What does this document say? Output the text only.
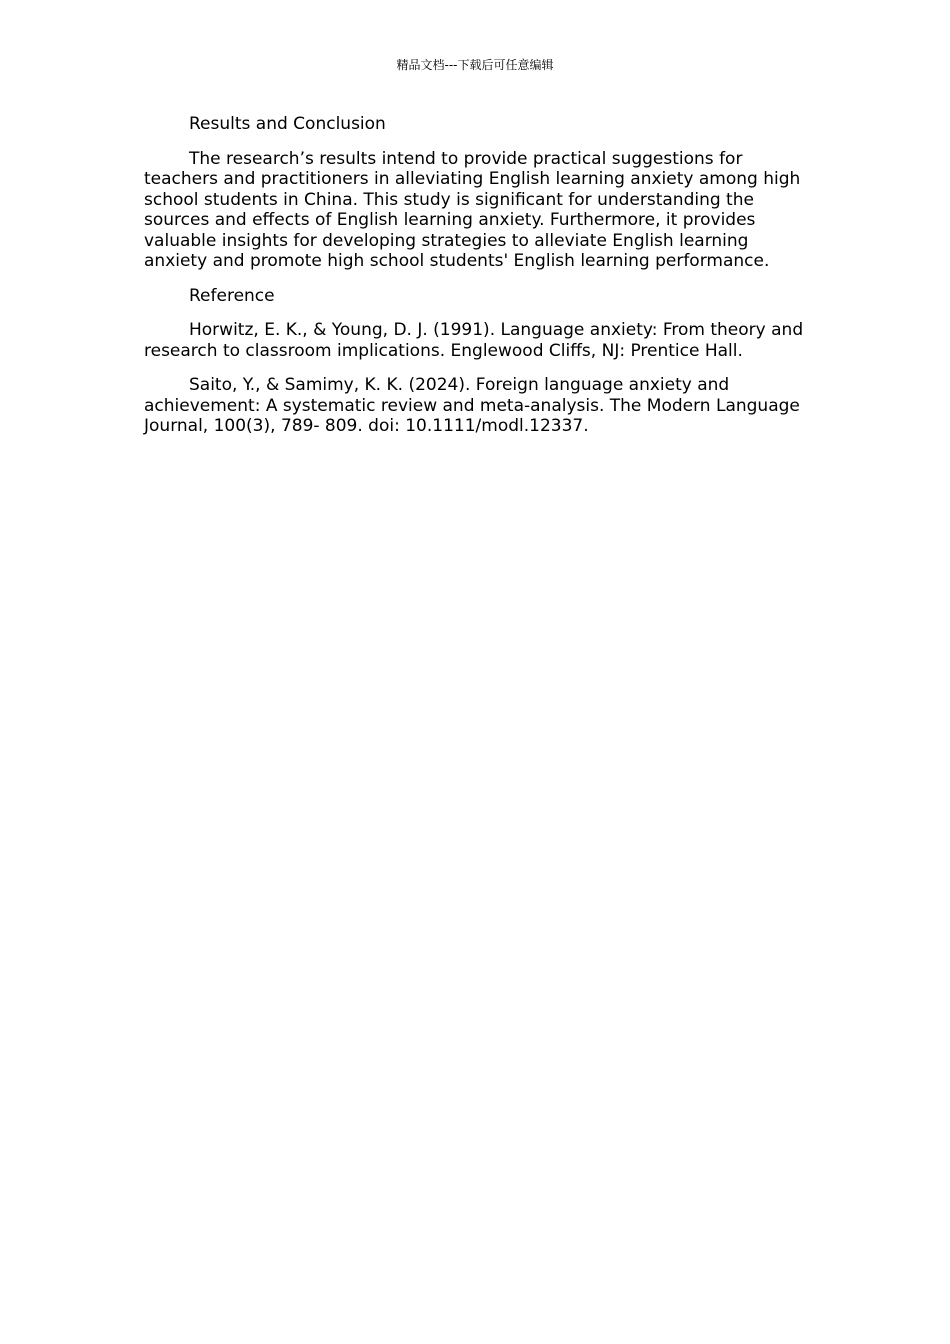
精品文档---下载后可任意编辑

Results and Conclusion

The research’s results intend to provide practical suggestions for teachers and practitioners in alleviating English learning anxiety among high school students in China. This study is significant for understanding the sources and effects of English learning anxiety. Furthermore, it provides valuable insights for developing strategies to alleviate English learning anxiety and promote high school students' English learning performance.

Reference

Horwitz, E. K., & Young, D. J. (1991). Language anxiety: From theory and research to classroom implications. Englewood Cliffs, NJ: Prentice Hall.

Saito, Y., & Samimy, K. K. (2024). Foreign language anxiety and achievement: A systematic review and meta-analysis. The Modern Language Journal, 100(3), 789- 809. doi: 10.1111/modl.12337.
